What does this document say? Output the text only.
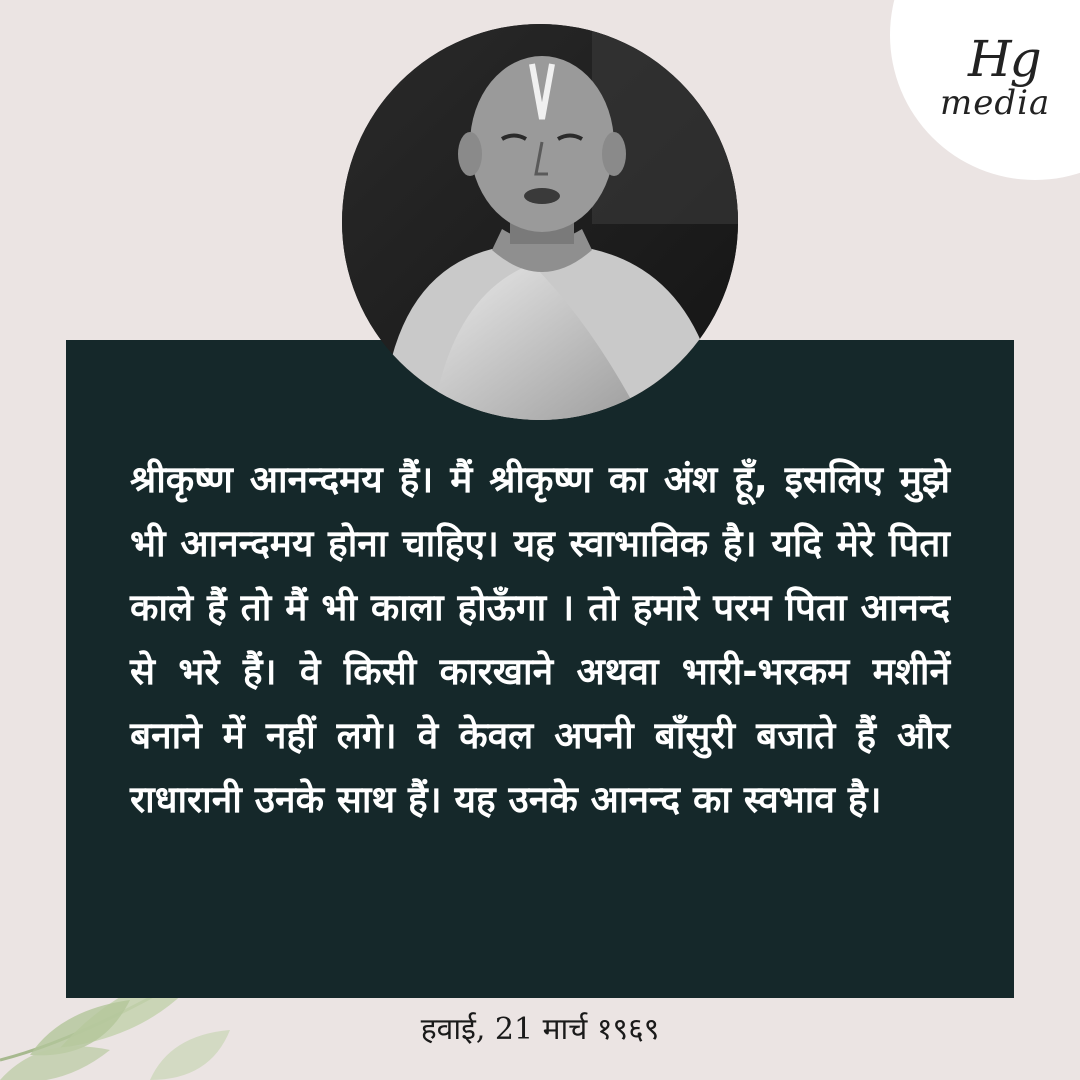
Hg
media

श्रीकृष्ण आनन्दमय हैं। मैं श्रीकृष्ण का अंश हूँ, इसलिए मुझे भी आनन्दमय होना चाहिए। यह स्वाभाविक है। यदि मेरे पिता काले हैं तो मैं भी काला होऊँगा । तो हमारे परम पिता आनन्द से भरे हैं। वे किसी कारखाने अथवा भारी-भरकम मशीनें बनाने में नहीं लगे। वे केवल अपनी बाँसुरी बजाते हैं और राधारानी उनके साथ हैं। यह उनके आनन्द का स्वभाव है।

हवाई, 21 मार्च १९६९
